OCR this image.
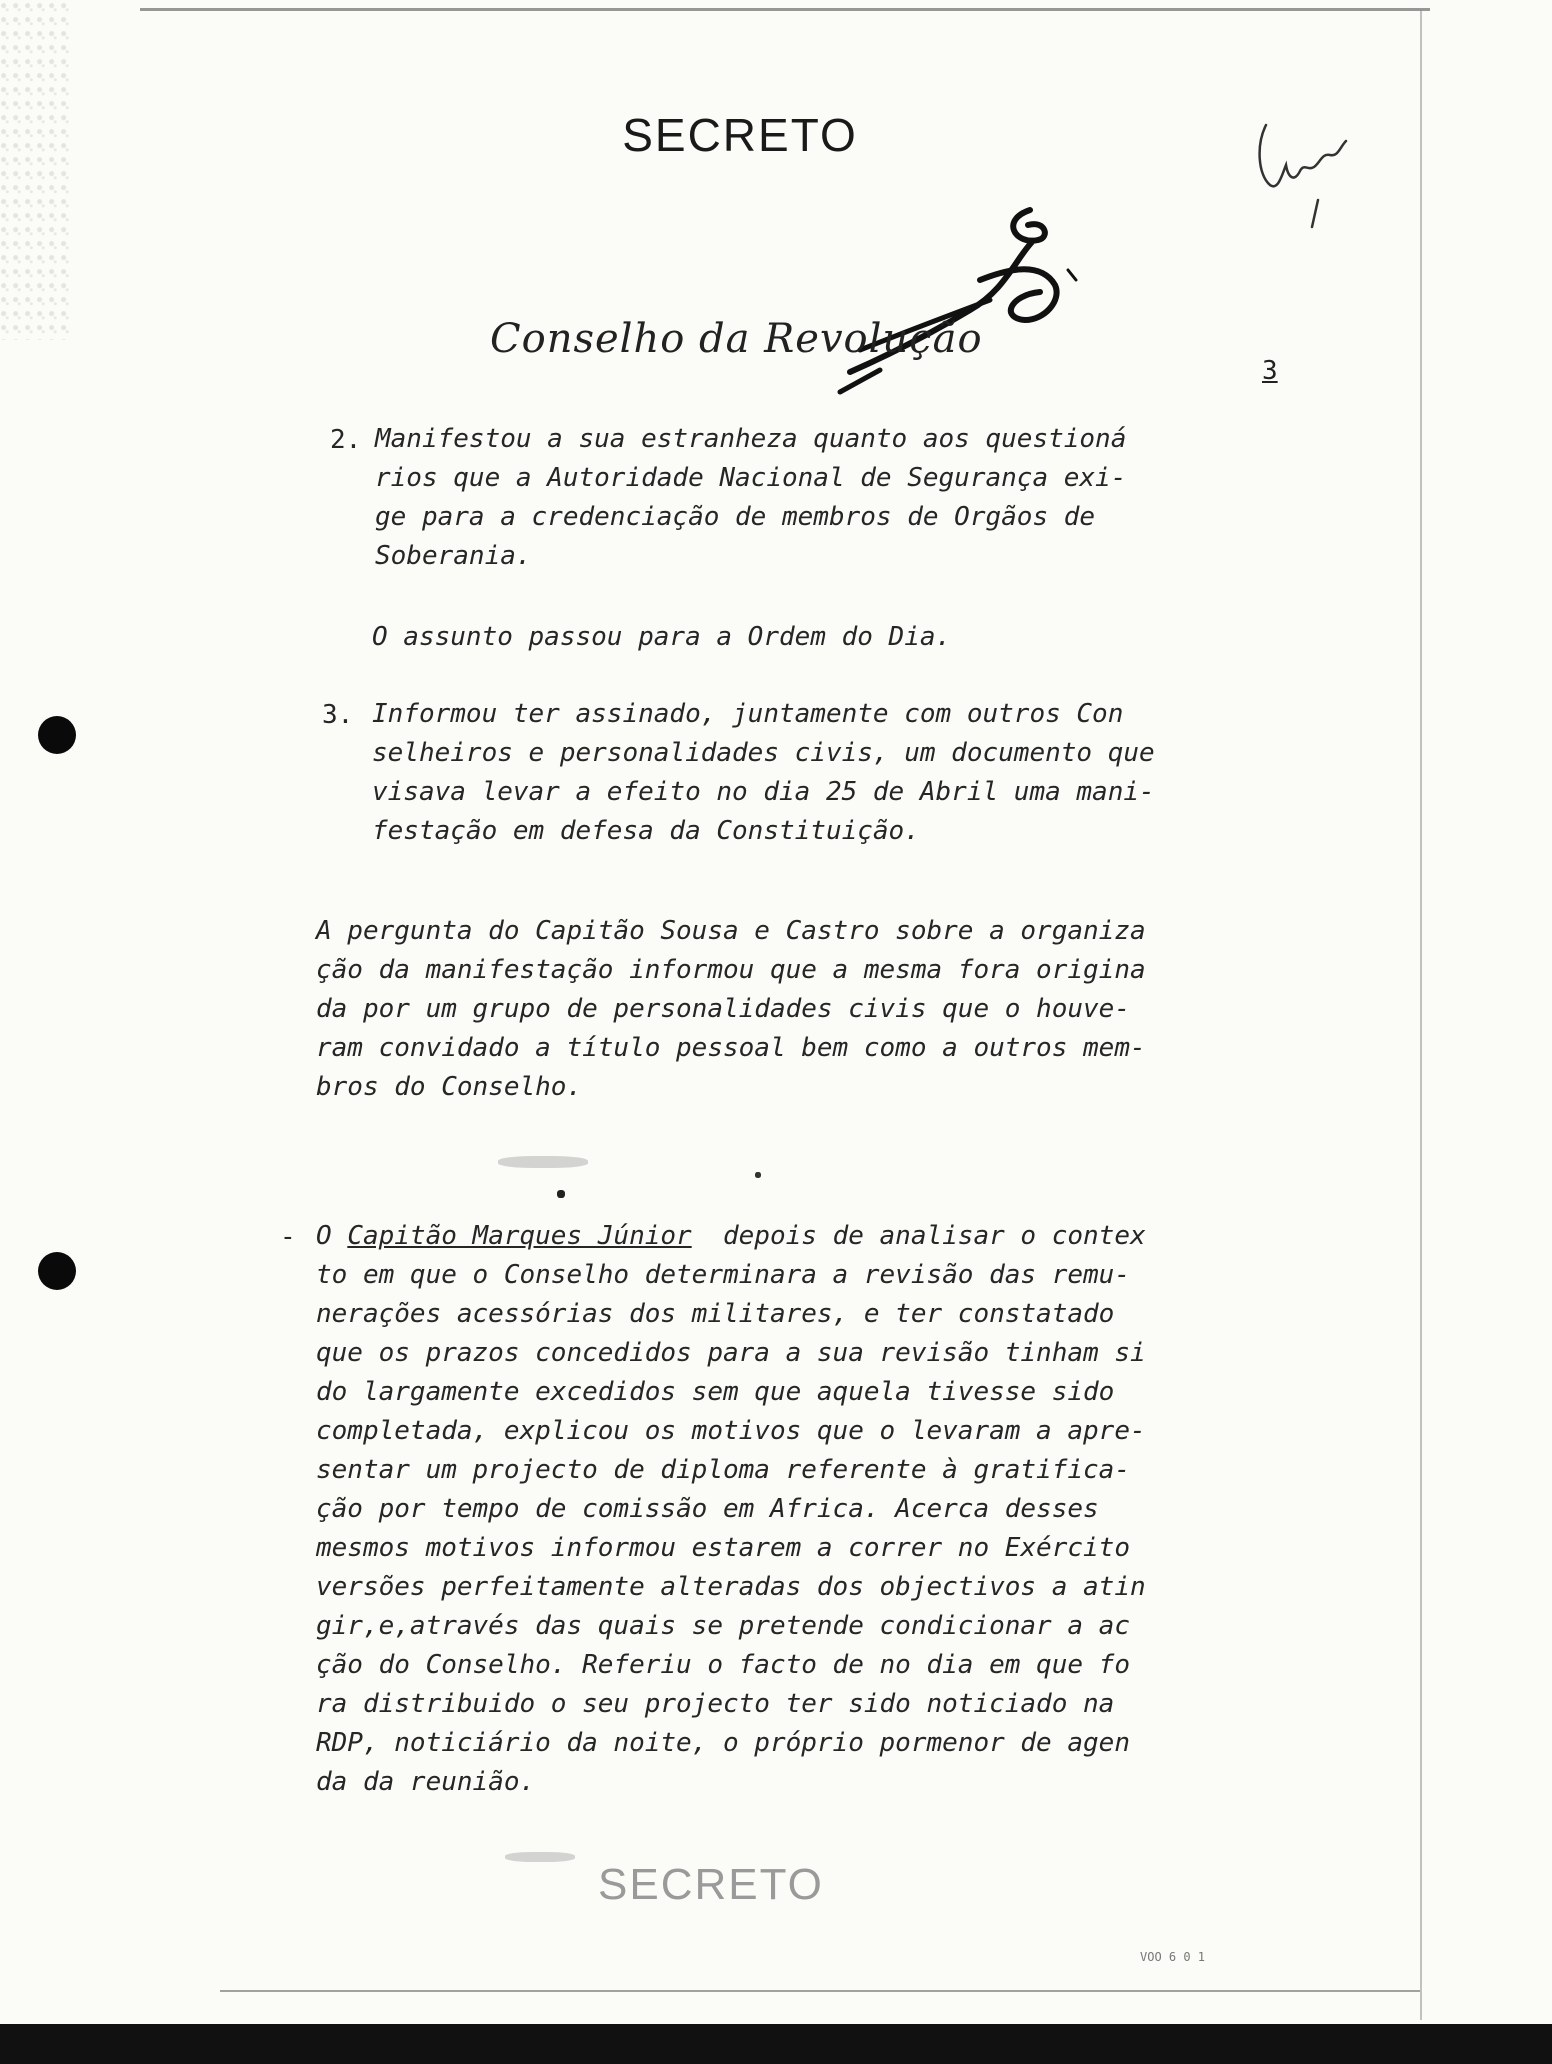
SECRETO
Conselho da Revolução
3
2. Manifestou a sua estranheza quanto aos questioná
rios que a Autoridade Nacional de Segurança exi-
ge para a credenciação de membros de Orgãos de
Soberania.
O assunto passou para a Ordem do Dia.
3. Informou ter assinado, juntamente com outros Con
selheiros e personalidades civis, um documento que
visava levar a efeito no dia 25 de Abril uma mani-
festação em defesa da Constituição.
A pergunta do Capitão Sousa e Castro sobre a organiza
ção da manifestação informou que a mesma fora origina
da por um grupo de personalidades civis que o houve-
ram convidado a título pessoal bem como a outros mem-
bros do Conselho.
- O Capitão Marques Júnior  depois de analisar o contex
to em que o Conselho determinara a revisão das remu-
nerações acessórias dos militares, e ter constatado
que os prazos concedidos para a sua revisão tinham si
do largamente excedidos sem que aquela tivesse sido
completada, explicou os motivos que o levaram a apre-
sentar um projecto de diploma referente à gratifica-
ção por tempo de comissão em Africa. Acerca desses
mesmos motivos informou estarem a correr no Exército
versões perfeitamente alteradas dos objectivos a atin
gir,e,através das quais se pretende condicionar a ac
ção do Conselho. Referiu o facto de no dia em que fo
ra distribuido o seu projecto ter sido noticiado na
RDP, noticiário da noite, o próprio pormenor de agen
da da reunião.
SECRETO
VOO 6 0 1
